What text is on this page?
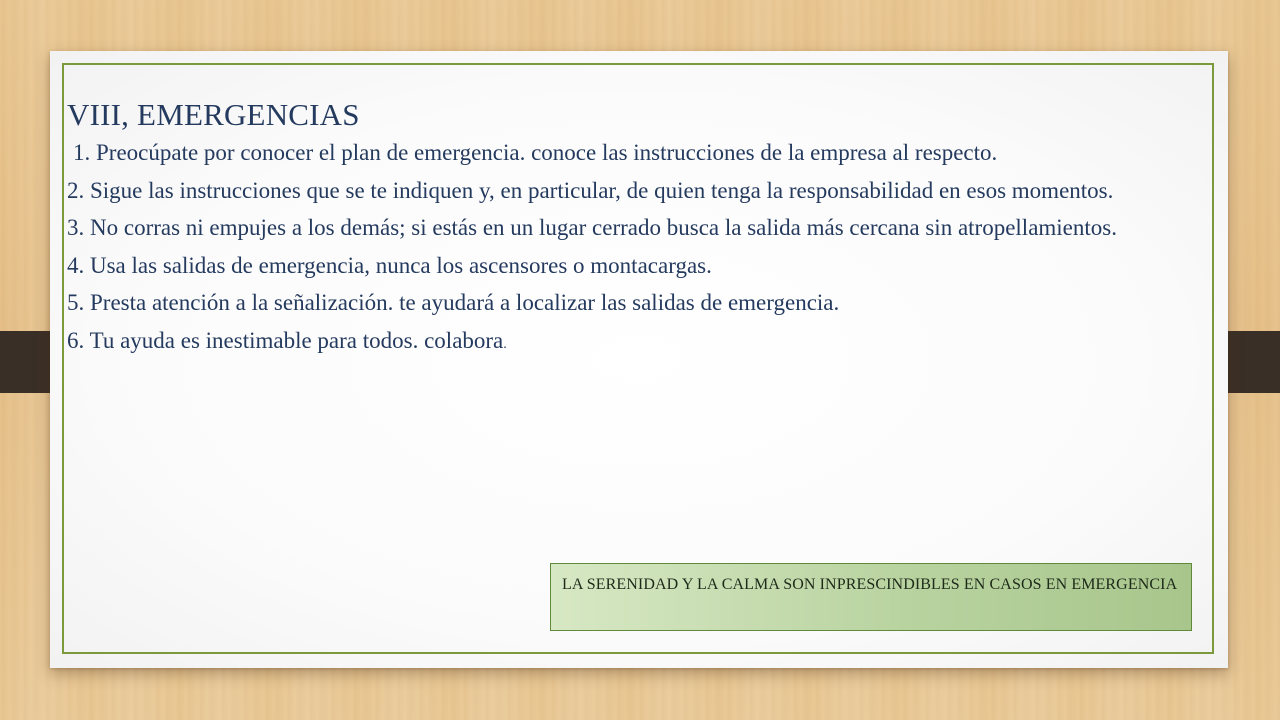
VIII, EMERGENCIAS
1. Preocúpate por conocer el plan de emergencia. conoce las instrucciones de la empresa al respecto.
2. Sigue las instrucciones que se te indiquen y, en particular, de quien tenga la responsabilidad en esos momentos.
3. No corras ni empujes a los demás; si estás en un lugar cerrado busca la salida más cercana sin atropellamientos.
4. Usa las salidas de emergencia, nunca los ascensores o montacargas.
5. Presta atención a la señalización. te ayudará a localizar las salidas de emergencia.
6. Tu ayuda es inestimable para todos. colabora.
LA SERENIDAD Y LA CALMA SON INPRESCINDIBLES EN CASOS EN EMERGENCIA
